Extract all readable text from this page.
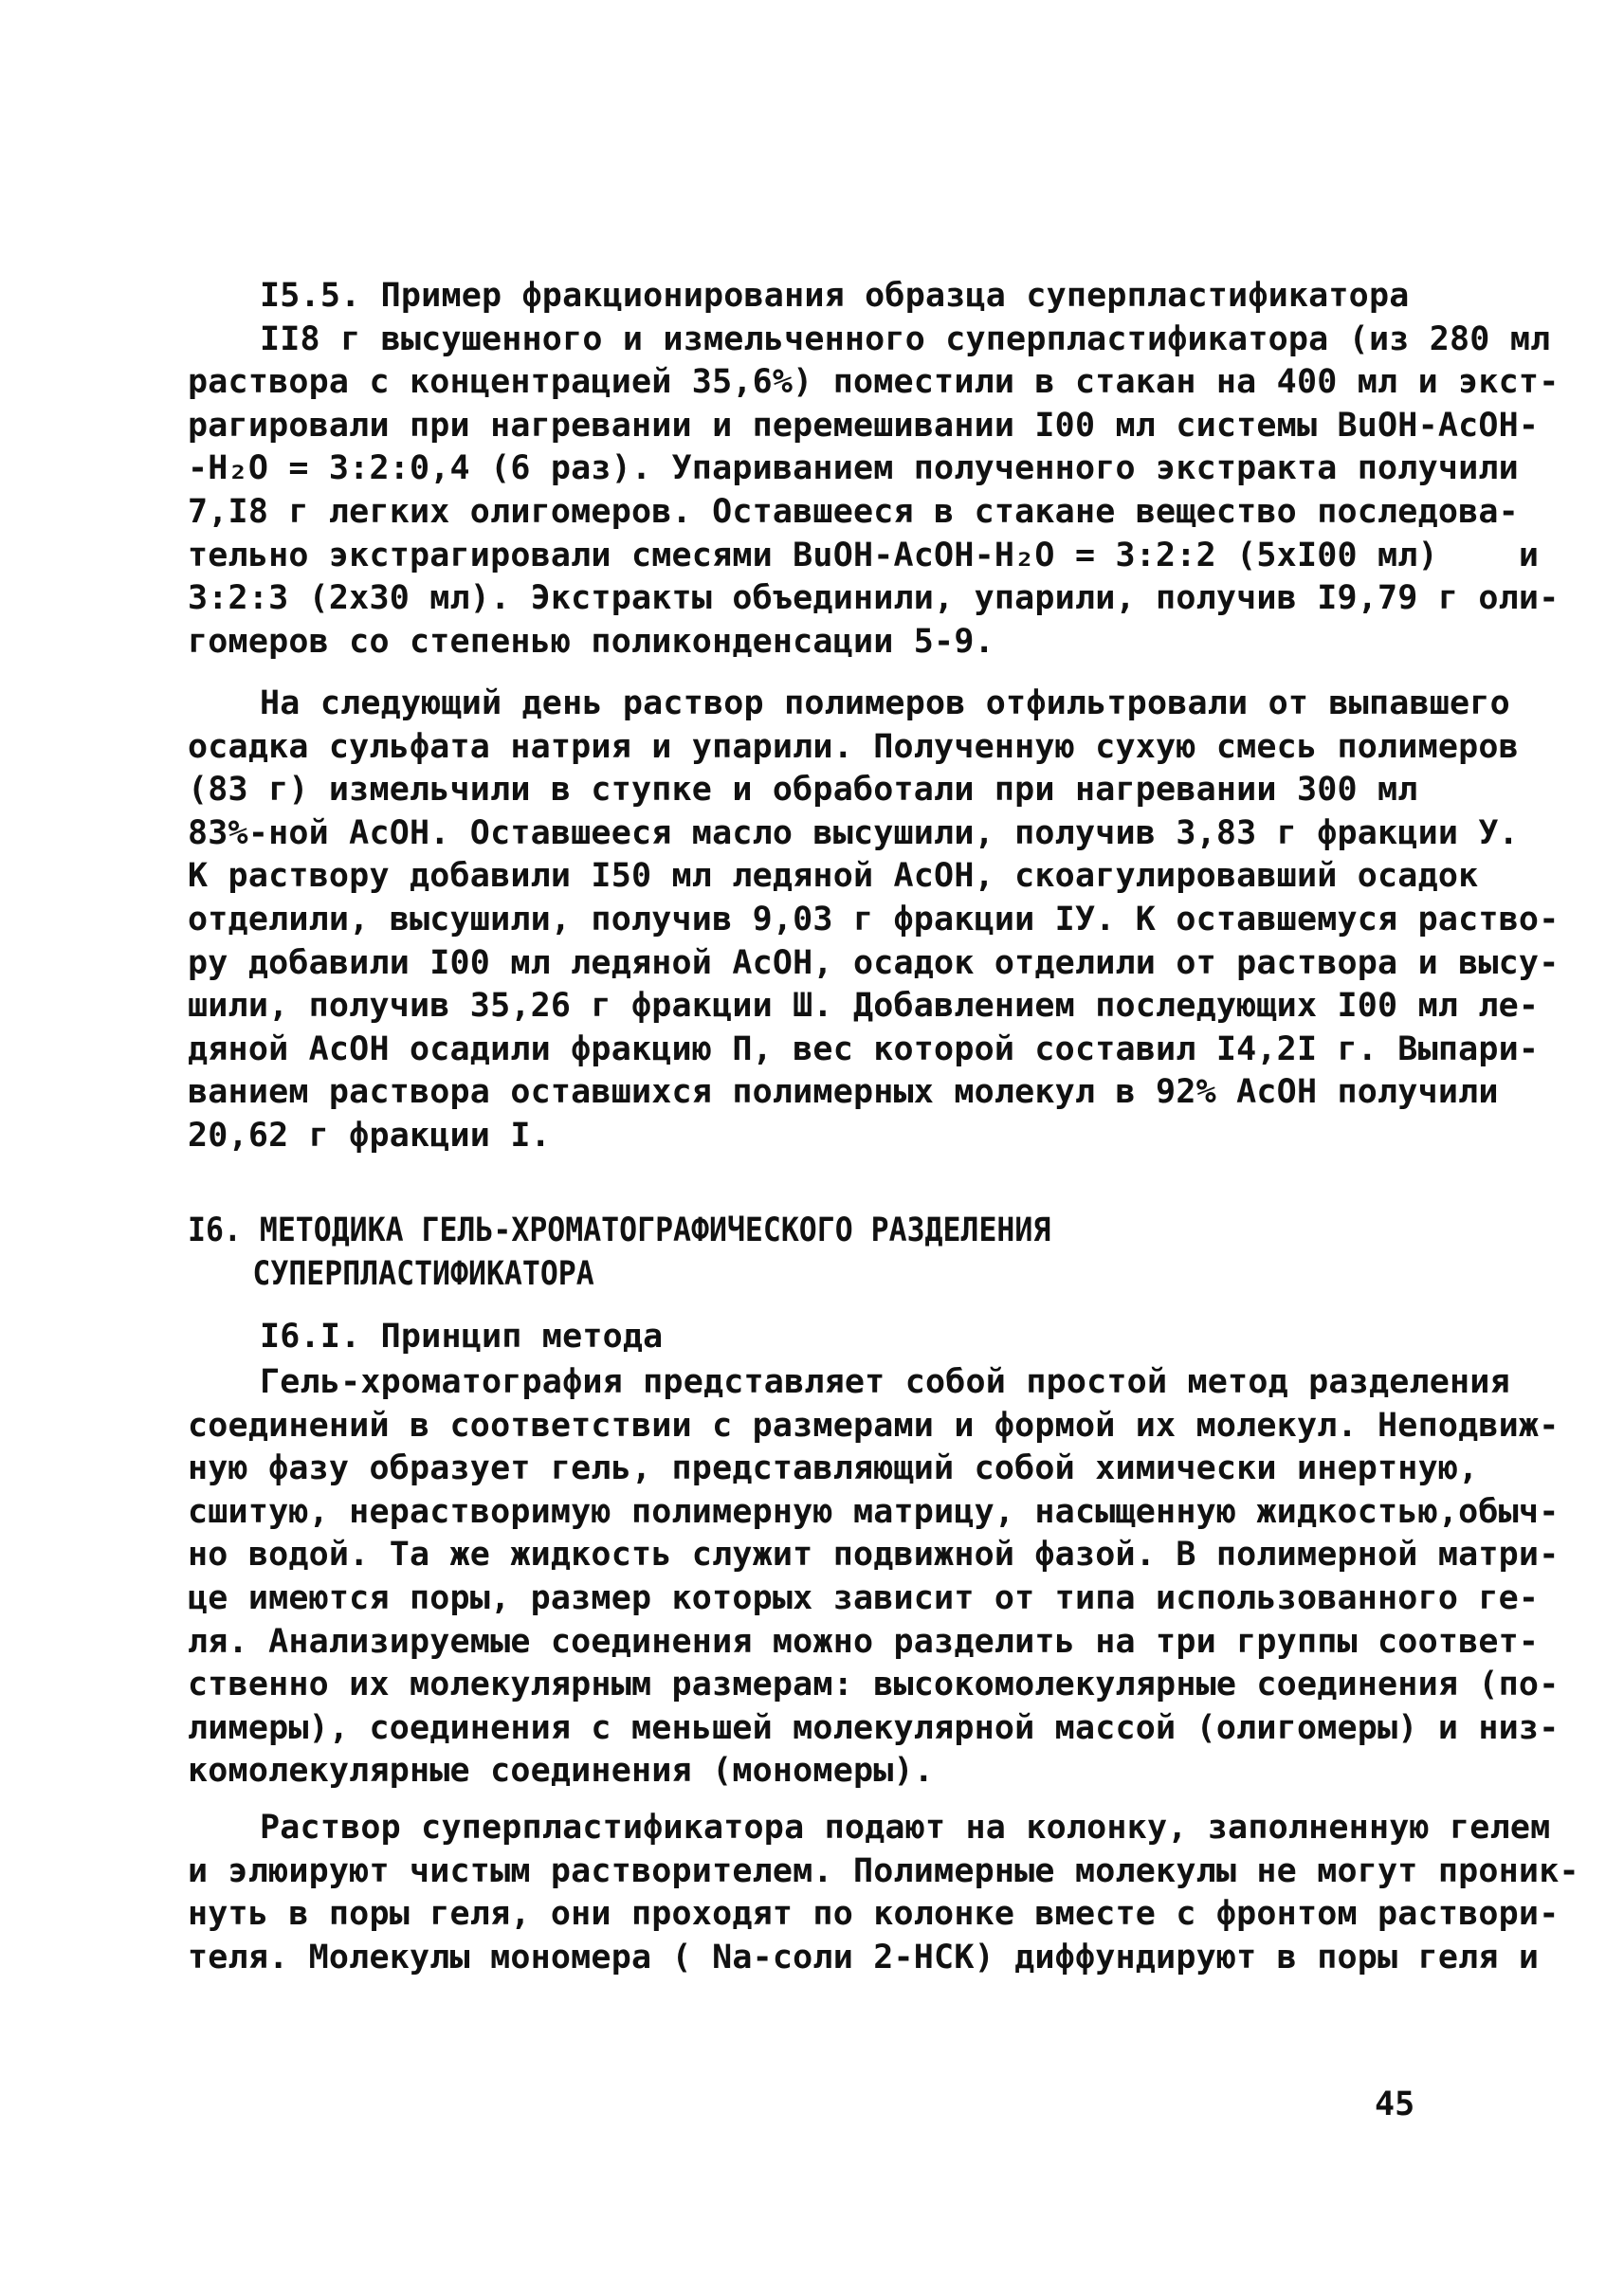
I5.5. Пример фракционирования образца суперпластификатора
II8 г высушенного и измельченного суперпластификатора (из 280 мл
раствора с концентрацией 35,6%) поместили в стакан на 400 мл и экст-
рагировали при нагревании и перемешивании I00 мл системы BuOH-AcOH-
-H₂O = 3:2:0,4 (6 раз). Упариванием полученного экстракта получили
7,I8 г легких олигомеров. Оставшееся в стакане вещество последова-
тельно экстрагировали смесями BuOH-AcOH-H₂O = 3:2:2 (5xI00 мл)    и
3:2:3 (2x30 мл). Экстракты объединили, упарили, получив I9,79 г оли-
гомеров со степенью поликонденсации 5-9.
На следующий день раствор полимеров отфильтровали от выпавшего
осадка сульфата натрия и упарили. Полученную сухую смесь полимеров
(83 г) измельчили в ступке и обработали при нагревании 300 мл
83%-ной AcOH. Оставшееся масло высушили, получив 3,83 г фракции У.
К раствору добавили I50 мл ледяной AcOH, скоагулировавший осадок
отделили, высушили, получив 9,03 г фракции IУ. К оставшемуся раство-
ру добавили I00 мл ледяной AcOH, осадок отделили от раствора и высу-
шили, получив 35,26 г фракции Ш. Добавлением последующих I00 мл ле-
дяной AcOH осадили фракцию П, вес которой составил I4,2I г. Выпари-
ванием раствора оставшихся полимерных молекул в 92% AcOH получили
20,62 г фракции I.
I6. МЕТОДИКА ГЕЛЬ-ХРОМАТОГРАФИЧЕСКОГО РАЗДЕЛЕНИЯ
СУПЕРПЛАСТИФИКАТОРА
I6.I. Принцип метода
Гель-хроматография представляет собой простой метод разделения
соединений в соответствии с размерами и формой их молекул. Неподвиж-
ную фазу образует гель, представляющий собой химически инертную,
сшитую, нерастворимую полимерную матрицу, насыщенную жидкостью,обыч-
но водой. Та же жидкость служит подвижной фазой. В полимерной матри-
це имеются поры, размер которых зависит от типа использованного ге-
ля. Анализируемые соединения можно разделить на три группы соответ-
ственно их молекулярным размерам: высокомолекулярные соединения (по-
лимеры), соединения с меньшей молекулярной массой (олигомеры) и низ-
комолекулярные соединения (мономеры).
Раствор суперпластификатора подают на колонку, заполненную гелем
и элюируют чистым растворителем. Полимерные молекулы не могут проник-
нуть в поры геля, они проходят по колонке вместе с фронтом раствори-
теля. Молекулы мономера ( Na-соли 2-НСК) диффундируют в поры геля и
45
